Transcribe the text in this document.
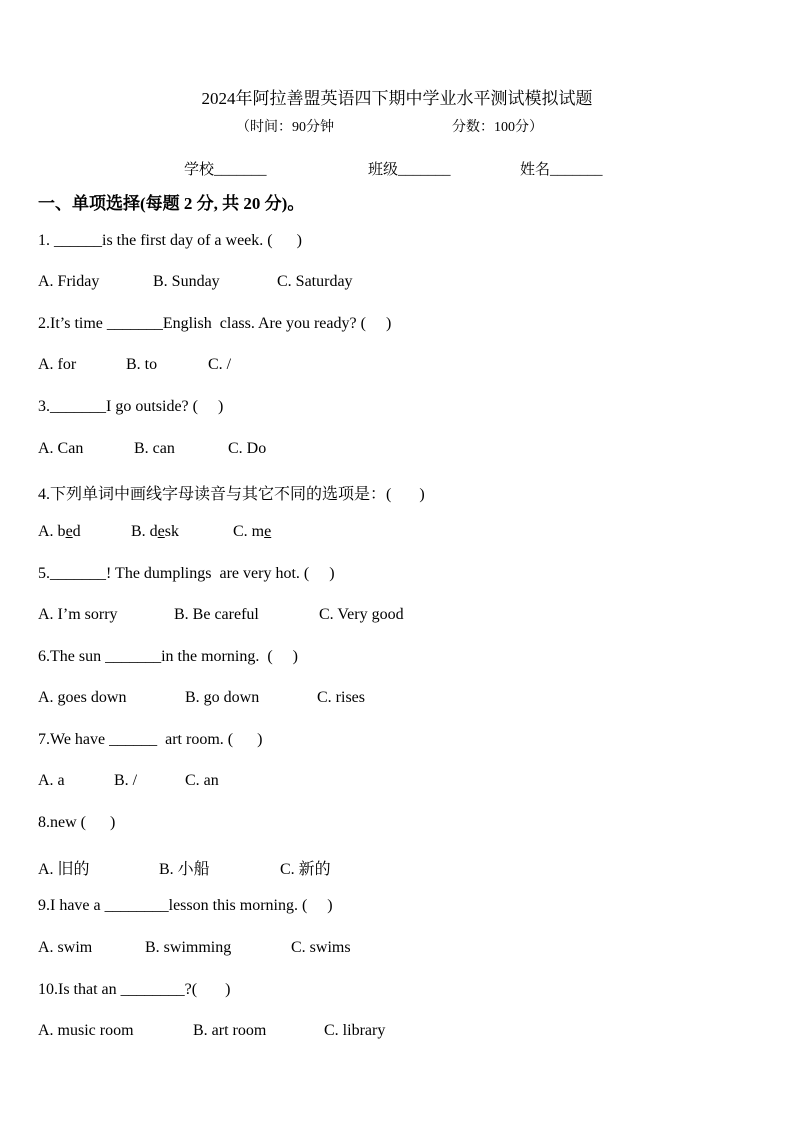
2024年阿拉善盟英语四下期中学业水平测试模拟试题
（时间：90分钟	分数：100分）
学校_______	班级_______	姓名_______
一、单项选择(每题 2 分, 共 20 分)。
1. ______is the first day of a week. (      )

A. Friday

	B. Sunday

	C. Saturday

2.It’s time _______English  class. Are you ready? (     )

A. for

	B. to

	C. /

3._______I go outside? (     )

A. Can

	B. can

	C. Do

4.下列单词中画线字母读音与其它不同的选项是：(       )

A. bed

	B. desk

	C. me

5._______! The dumplings  are very hot. (     )

A. I’m sorry

	B. Be careful

	C. Very good

6.The sun _______in the morning.  (     )

A. goes down

	B. go down

	C. rises

7.We have ______  art room. (      )

A. a

	B. /

	C. an

8.new (      )

A. 旧的

	B. 小船

	C. 新的

9.I have a ________lesson this morning. (     )

A. swim

	B. swimming

	C. swims

10.Is that an ________?(       )

A. music room

	B. art room

	C. library
